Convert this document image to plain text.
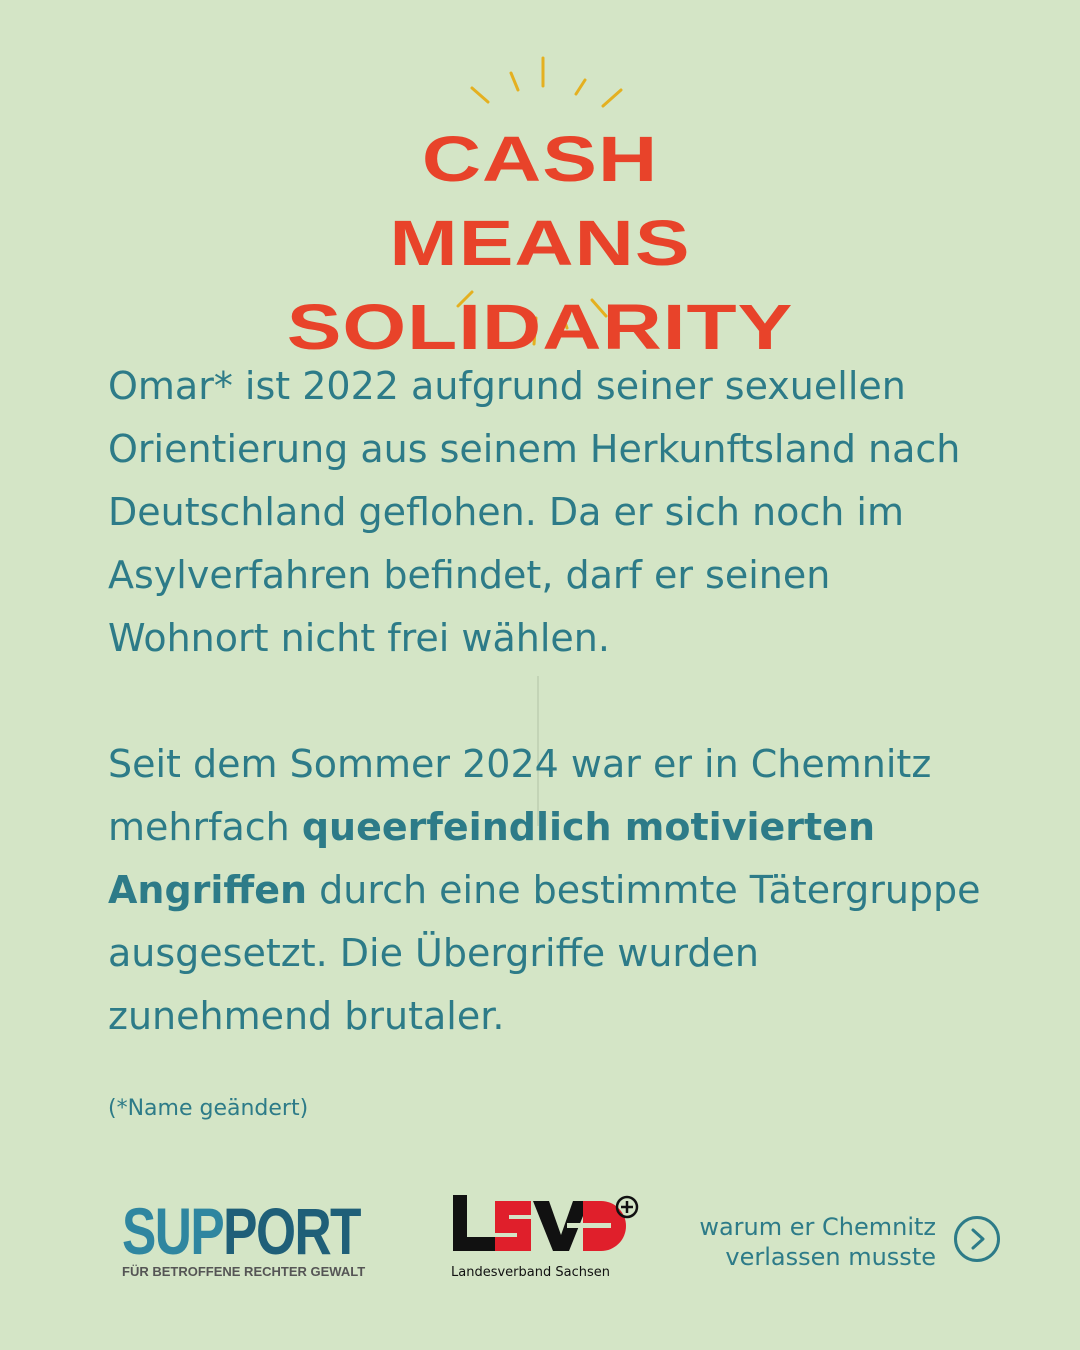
CASH
MEANS
SOLIDARITY

Omar* ist 2022 aufgrund seiner sexuellen Orientierung aus seinem Herkunftsland nach Deutschland geflohen. Da er sich noch im Asylverfahren befindet, darf er seinen Wohnort nicht frei wählen.

Seit dem Sommer 2024 war er in Chemnitz mehrfach queerfeindlich motivierten Angriffen durch eine bestimmte Tätergruppe ausgesetzt. Die Übergriffe wurden zunehmend brutaler.

(*Name geändert)
SUPPORT
FÜR BETROFFENE RECHTER GEWALT	Landesverband Sachsen
warum er Chemnitz
verlassen musste
